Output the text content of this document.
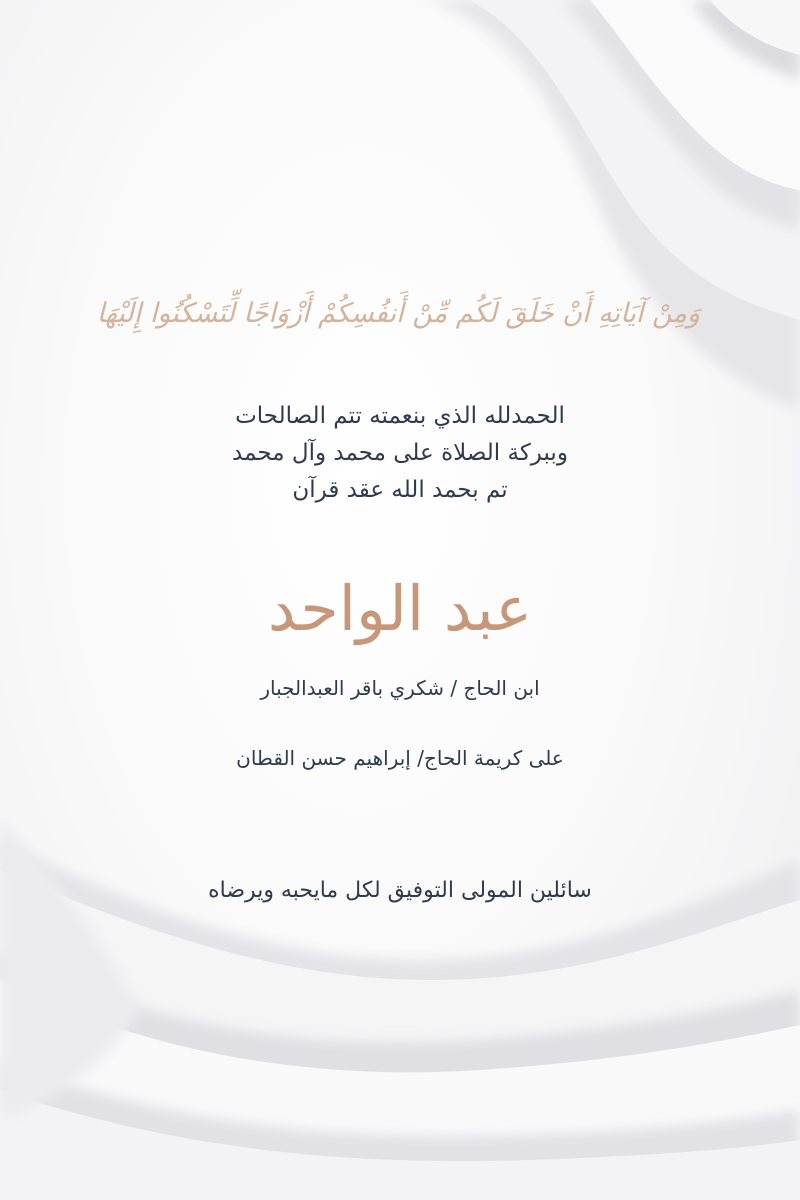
وَمِنْ آيَاتِهِ أَنْ خَلَقَ لَكُم مِّنْ أَنفُسِكُمْ أَزْوَاجًا لِّتَسْكُنُوا إِلَيْهَا
الحمدلله الذي بنعمته تتم الصالحات
وببركة الصلاة على محمد وآل محمد
تم بحمد الله عقد قرآن
عبد الواحد
ابن الحاج / شكري باقر العبدالجبار
على كريمة الحاج/ إبراهيم حسن القطان
سائلين المولى التوفيق لكل مايحبه ويرضاه
